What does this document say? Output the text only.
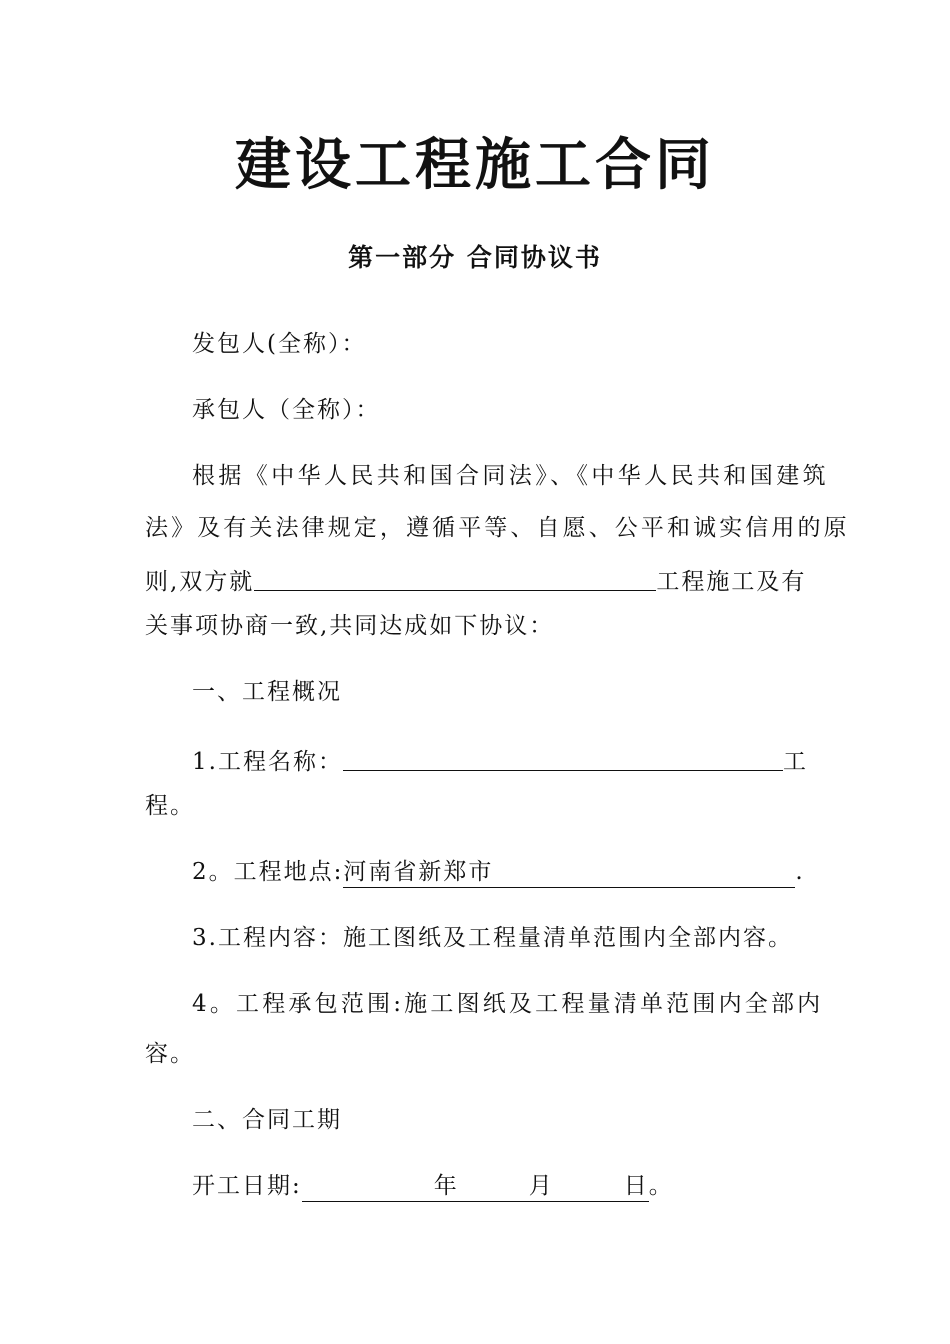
建设工程施工合同
第一部分 合同协议书
发包人(全称）：
承包人（全称）：
根据《中华人民共和国合同法》、《中华人民共和国建筑
法》及有关法律规定，遵循平等、自愿、公平和诚实信用的原
则,双方就	工程施工及有
关事项协商一致,共同达成如下协议：
一、工程概况
1.工程名称：	工
程。
2。工程地点:河南省新郑市	.
3.工程内容：施工图纸及工程量清单范围内全部内容。
4。工程承包范围:施工图纸及工程量清单范围内全部内
容。
二、合同工期
开工日期:	年	月	日。
